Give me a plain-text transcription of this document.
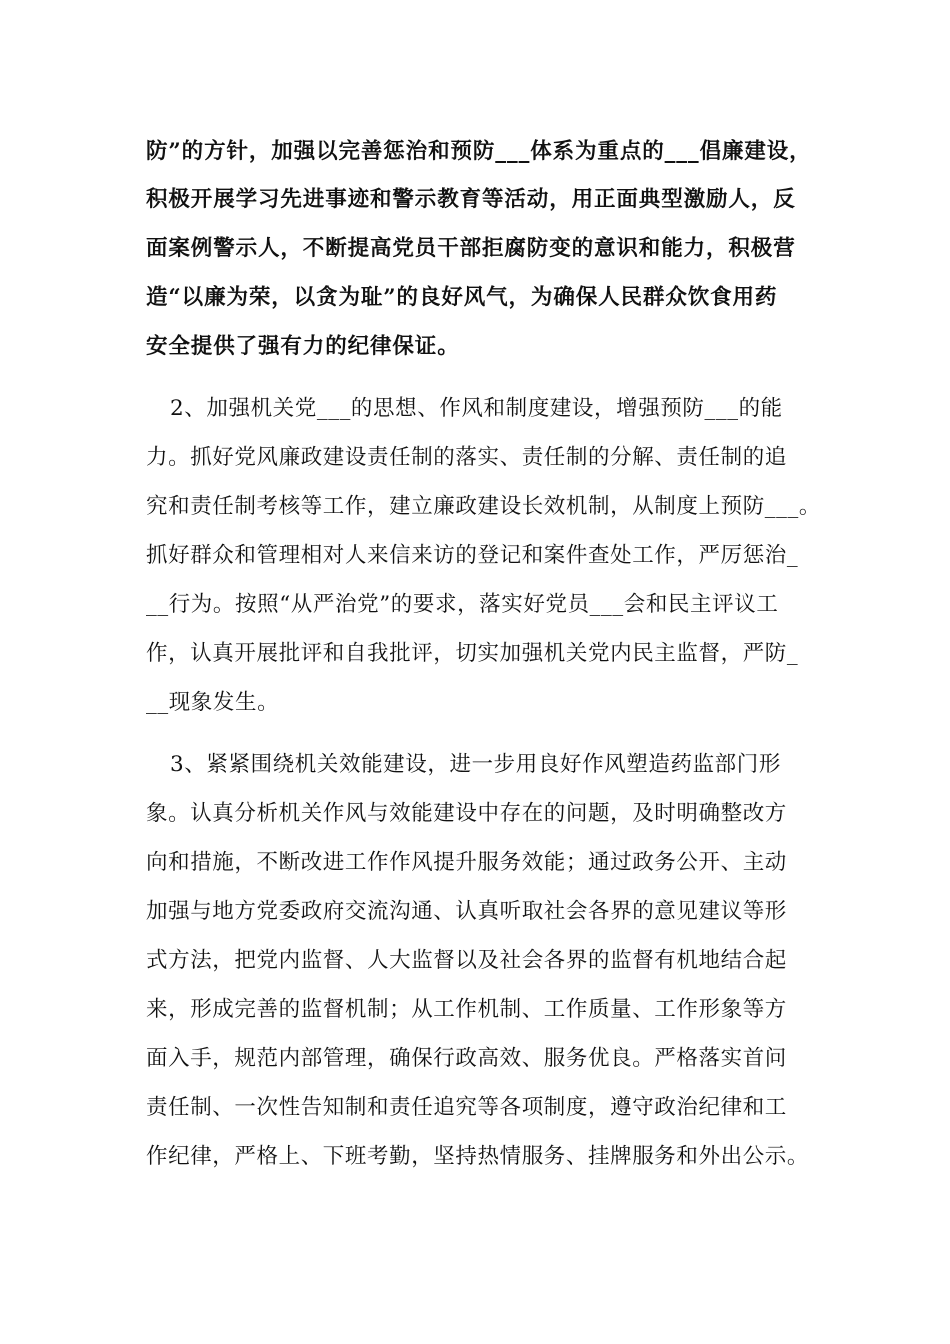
防”的方针，加强以完善惩治和预防___体系为重点的___倡廉建设，
积极开展学习先进事迹和警示教育等活动，用正面典型激励人，反
面案例警示人，不断提高党员干部拒腐防变的意识和能力，积极营
造“以廉为荣，以贪为耻”的良好风气，为确保人民群众饮食用药
安全提供了强有力的纪律保证。
2、加强机关党___的思想、作风和制度建设，增强预防___的能
力。抓好党风廉政建设责任制的落实、责任制的分解、责任制的追
究和责任制考核等工作，建立廉政建设长效机制，从制度上预防___。
抓好群众和管理相对人来信来访的登记和案件查处工作，严厉惩治_
__行为。按照“从严治党”的要求，落实好党员___会和民主评议工
作，认真开展批评和自我批评，切实加强机关党内民主监督，严防_
__现象发生。
3、紧紧围绕机关效能建设，进一步用良好作风塑造药监部门形
象。认真分析机关作风与效能建设中存在的问题，及时明确整改方
向和措施，不断改进工作作风提升服务效能；通过政务公开、主动
加强与地方党委政府交流沟通、认真听取社会各界的意见建议等形
式方法，把党内监督、人大监督以及社会各界的监督有机地结合起
来，形成完善的监督机制；从工作机制、工作质量、工作形象等方
面入手，规范内部管理，确保行政高效、服务优良。严格落实首问
责任制、一次性告知制和责任追究等各项制度，遵守政治纪律和工
作纪律，严格上、下班考勤，坚持热情服务、挂牌服务和外出公示。
